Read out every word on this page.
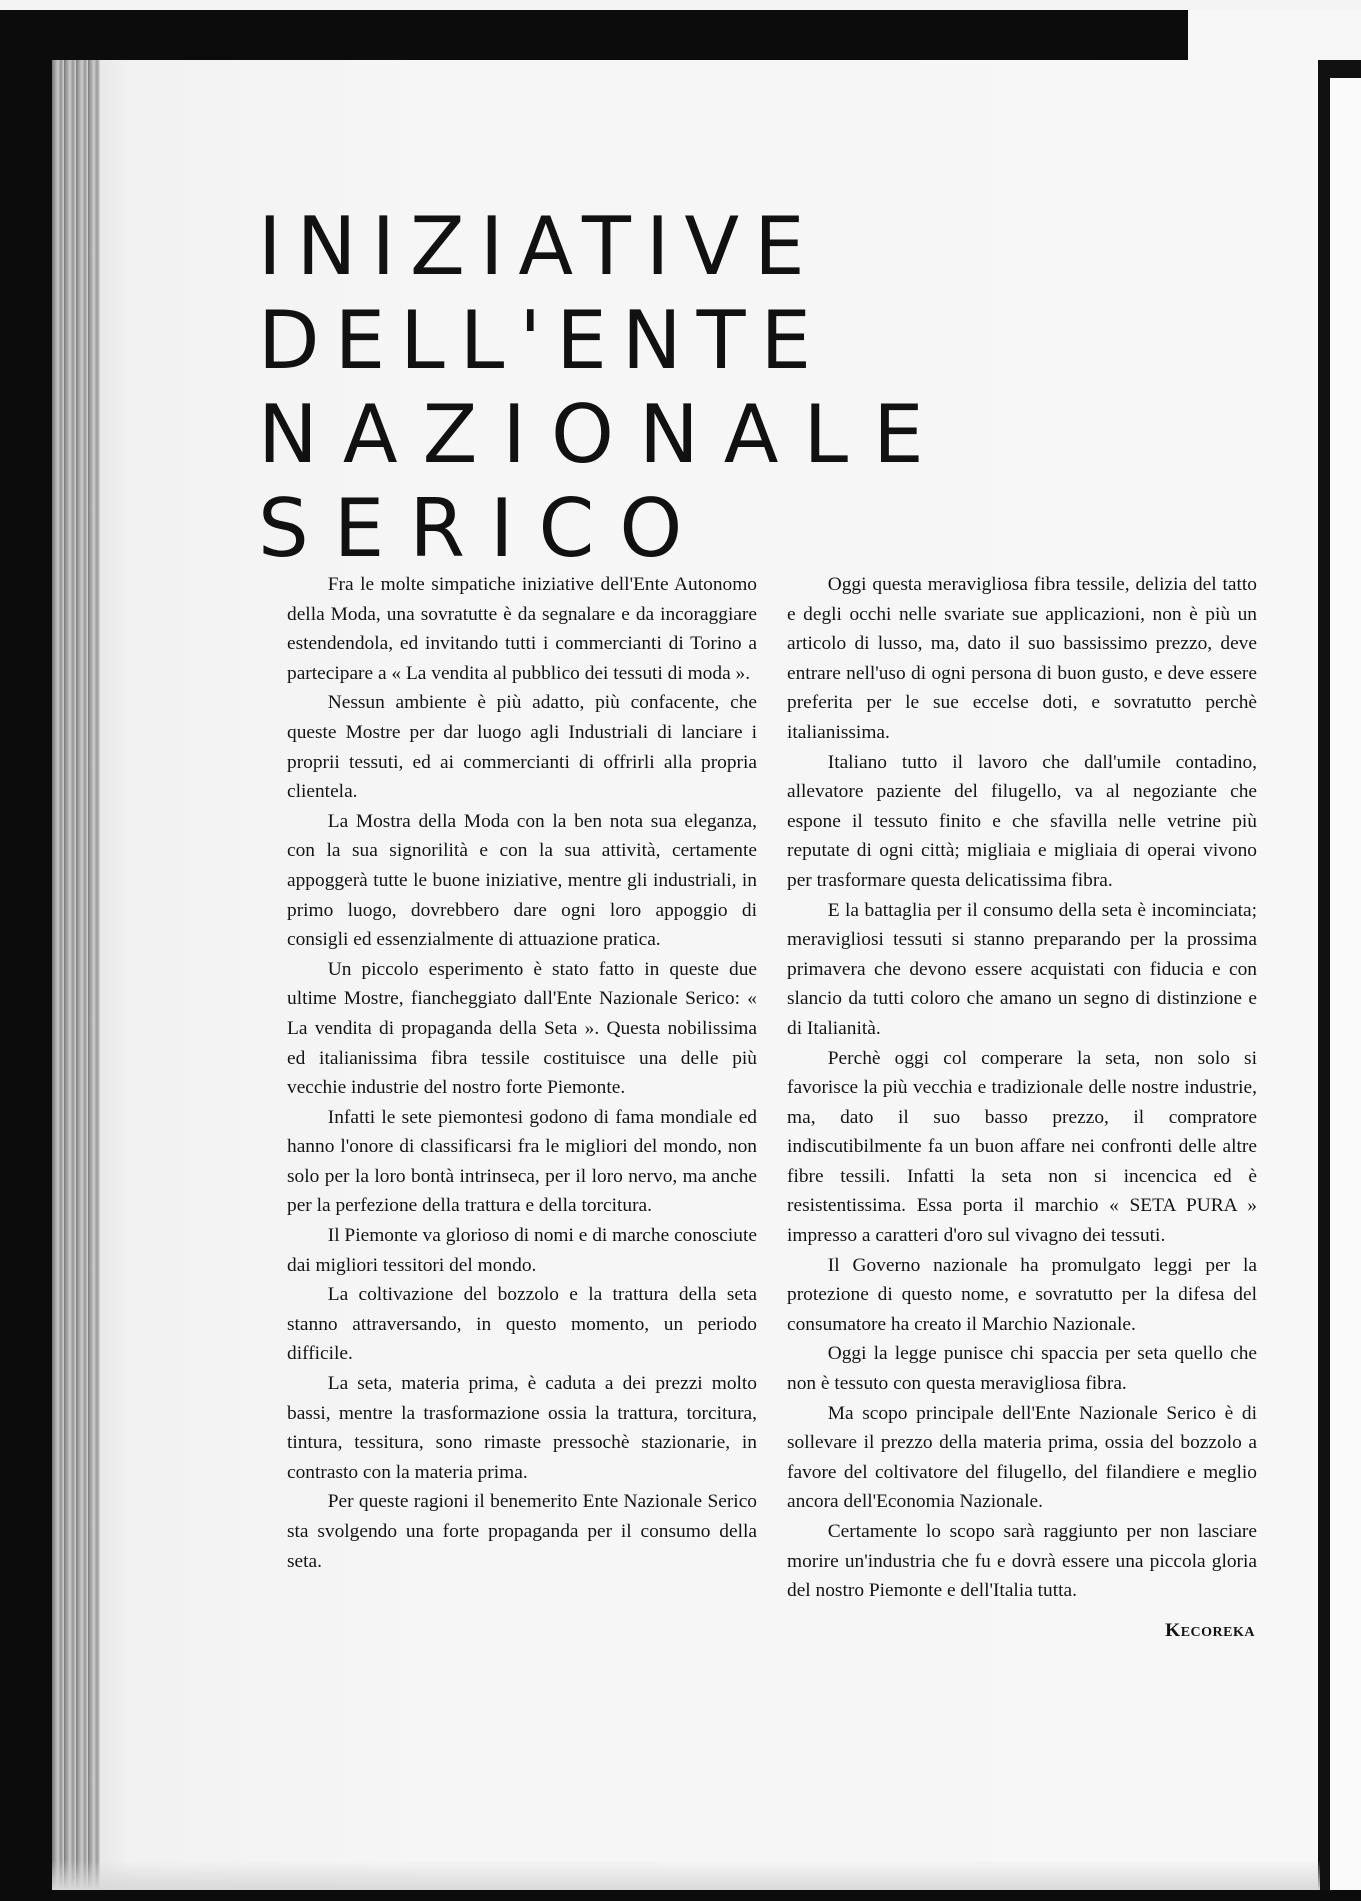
INIZIATIVE DELL'ENTE
NAZIONALE SERICO

Fra le molte simpatiche iniziative dell'Ente Autonomo della Moda, una sovratutte è da segnalare e da incoraggiare estendendola, ed invitando tutti i commercianti di Torino a partecipare a « La vendita al pubblico dei tessuti di moda ».

Nessun ambiente è più adatto, più confacente, che queste Mostre per dar luogo agli Industriali di lanciare i proprii tessuti, ed ai commercianti di offrirli alla propria clientela.

La Mostra della Moda con la ben nota sua eleganza, con la sua signorilità e con la sua attività, certamente appoggerà tutte le buone iniziative, mentre gli industriali, in primo luogo, dovrebbero dare ogni loro appoggio di consigli ed essenzialmente di attuazione pratica.

Un piccolo esperimento è stato fatto in queste due ultime Mostre, fiancheggiato dall'Ente Nazionale Serico: « La vendita di propaganda della Seta ». Questa nobilissima ed italianissima fibra tessile costituisce una delle più vecchie industrie del nostro forte Piemonte.

Infatti le sete piemontesi godono di fama mondiale ed hanno l'onore di classificarsi fra le migliori del mondo, non solo per la loro bontà intrinseca, per il loro nervo, ma anche per la perfezione della trattura e della torcitura.

Il Piemonte va glorioso di nomi e di marche conosciute dai migliori tessitori del mondo.

La coltivazione del bozzolo e la trattura della seta stanno attraversando, in questo momento, un periodo difficile.

La seta, materia prima, è caduta a dei prezzi molto bassi, mentre la trasformazione ossia la trattura, torcitura, tintura, tessitura, sono rimaste pressochè stazionarie, in contrasto con la materia prima.

Per queste ragioni il benemerito Ente Nazionale Serico sta svolgendo una forte propaganda per il consumo della seta.

Oggi questa meravigliosa fibra tessile, delizia del tatto e degli occhi nelle svariate sue applicazioni, non è più un articolo di lusso, ma, dato il suo bassissimo prezzo, deve entrare nell'uso di ogni persona di buon gusto, e deve essere preferita per le sue eccelse doti, e sovratutto perchè italianissima.

Italiano tutto il lavoro che dall'umile contadino, allevatore paziente del filugello, va al negoziante che espone il tessuto finito e che sfavilla nelle vetrine più reputate di ogni città; migliaia e migliaia di operai vivono per trasformare questa delicatissima fibra.

E la battaglia per il consumo della seta è incominciata; meravigliosi tessuti si stanno preparando per la prossima primavera che devono essere acquistati con fiducia e con slancio da tutti coloro che amano un segno di distinzione e di Italianità.

Perchè oggi col comperare la seta, non solo si favorisce la più vecchia e tradizionale delle nostre industrie, ma, dato il suo basso prezzo, il compratore indiscutibilmente fa un buon affare nei confronti delle altre fibre tessili. Infatti la seta non si incencica ed è resistentissima. Essa porta il marchio « SETA PURA » impresso a caratteri d'oro sul vivagno dei tessuti.

Il Governo nazionale ha promulgato leggi per la protezione di questo nome, e sovratutto per la difesa del consumatore ha creato il Marchio Nazionale.

Oggi la legge punisce chi spaccia per seta quello che non è tessuto con questa meravigliosa fibra.

Ma scopo principale dell'Ente Nazionale Serico è di sollevare il prezzo della materia prima, ossia del bozzolo a favore del coltivatore del filugello, del filandiere e meglio ancora dell'Economia Nazionale.

Certamente lo scopo sarà raggiunto per non lasciare morire un'industria che fu e dovrà essere una piccola gloria del nostro Piemonte e dell'Italia tutta.

Kecoreka
